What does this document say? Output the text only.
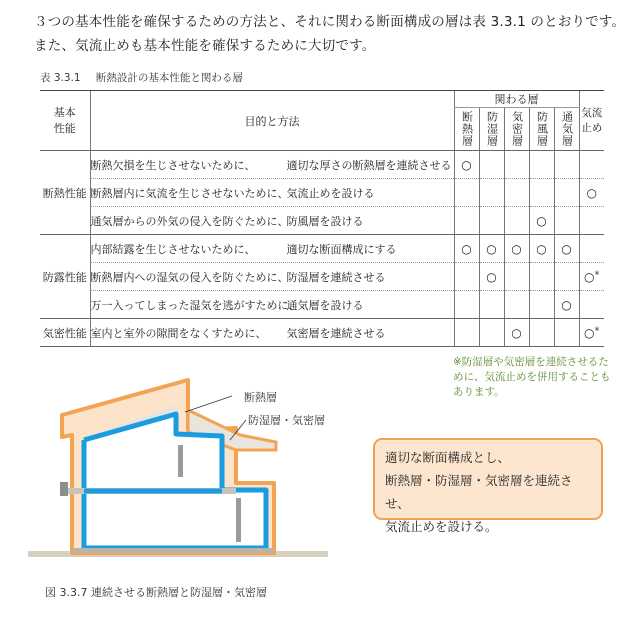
３つの基本性能を確保するための方法と、それに関わる断面構成の層は表 3.3.1 のとおりです。また、気流止めも基本性能を確保するために大切です。
表 3.3.1 断熱設計の基本性能と関わる層
基本
性能	目的と方法	関わる層					気流
止め

		断熱層	防湿層	気密層	防風層	通気層	

断熱性能	断熱欠損を生じさせないために、 適切な厚さの断熱層を連続させる	○					
	断熱層内に気流を生じさせないために、気流止めを設ける						○
	通気層からの外気の侵入を防ぐために、防風層を設ける				○		
防露性能	内部結露を生じさせないために、 適切な断面構成にする	○	○	○	○	○	
	断熱層内への湿気の侵入を防ぐために、防湿層を連続させる		○				○※
	万一入ってしまった湿気を逃がすために、通気層を設ける					○	
気密性能	室内と室外の隙間をなくすために、 気密層を連続させる			○			○※
※防湿層や気密層を連続させるために、気流止めを併用することもあります。
断熱層
防湿層・気密層
適切な断面構成とし、
断熱層・防湿層・気密層を連続させ、
気流止めを設ける。
図 3.3.7 連続させる断熱層と防湿層・気密層
